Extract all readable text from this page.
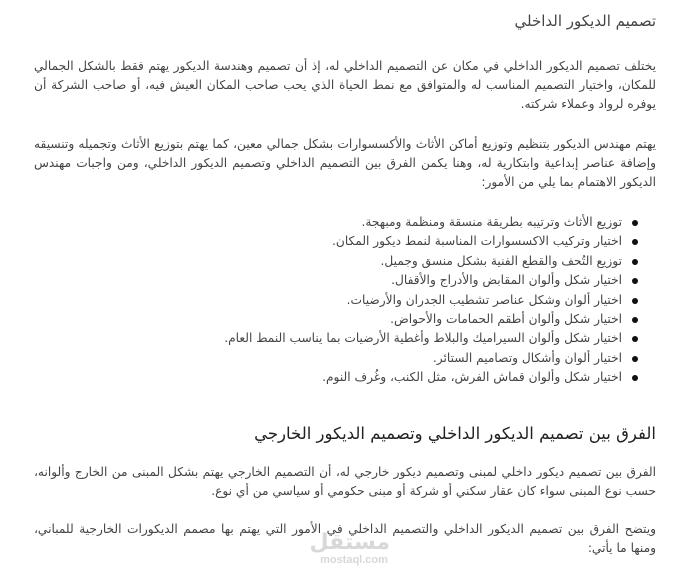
تصميم الديكور الداخلي

يختلف تصميم الديكور الداخلي في مكان عن التصميم الداخلي له، إذ أن تصميم وهندسة الديكور يهتم فقط بالشكل الجمالي للمكان، واختيار التصميم المناسب له والمتوافق مع نمط الحياة الذي يحب صاحب المكان العيش فيه، أو صاحب الشركة أن يوفره لرواد وعملاء شركته.

يهتم مهندس الديكور بتنظيم وتوزيع أماكن الأثاث والأكسسوارات بشكل جمالي معين، كما يهتم بتوزيع الأثاث وتجميله وتنسيقه وإضافة عناصر إبداعية وابتكارية له، وهنا يكمن الفرق بين التصميم الداخلي وتصميم الديكور الداخلي، ومن واجبات مهندس الديكور الاهتمام بما يلي من الأمور:

توزيع الأثاث وترتيبه بطريقة منسقة ومنظمة ومبهجة.
اختيار وتركيب الاكسسوارات المناسبة لنمط ديكور المكان.
توزيع التُحف والقطع الفنية بشكل منسق وجميل.
اختيار شكل وألوان المقابض والأدراج والأقفال.
اختيار ألوان وشكل عناصر تشطيب الجدران والأرضيات.
اختيار شكل وألوان أطقم الحمامات والأحواض.
اختيار شكل وألوان السيراميك والبلاط وأغطية الأرضيات بما يناسب النمط العام.
اختيار ألوان وأشكال وتصاميم الستائر.
اختيار شكل وألوان قماش الفرش، مثل الكنب، وغُرف النوم.
الفرق بين تصميم الديكور الداخلي وتصميم الديكور الخارجي

الفرق بين تصميم ديكور داخلي لمبنى وتصميم ديكور خارجي له، أن التصميم الخارجي يهتم بشكل المبنى من الخارج وألوانه، حسب نوع المبنى سواء كان عقار سكني أو شركة أو مبنى حكومي أو سياسي من أي نوع.

ويتضح الفرق بين تصميم الديكور الداخلي والتصميم الداخلي في الأمور التي يهتم بها مصمم الديكورات الخارجية للمباني، ومنها ما يأتي:

مستقل
mostaql.com
